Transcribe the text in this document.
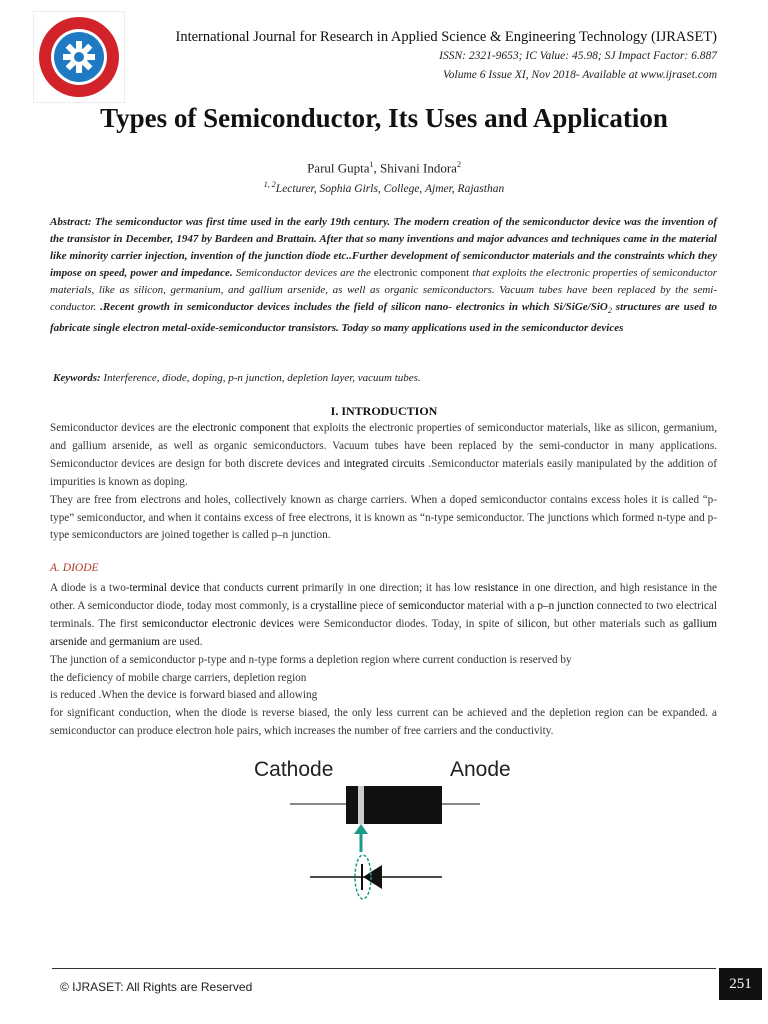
International Journal for Research in Applied Science & Engineering Technology (IJRASET)
ISSN: 2321-9653; IC Value: 45.98; SJ Impact Factor: 6.887
Volume 6 Issue XI, Nov 2018- Available at www.ijraset.com
Types of Semiconductor, Its Uses and Application
Parul Gupta$^1$, Shivani Indora$^2$
$^{1, 2}$Lecturer, Sophia Girls, College, Ajmer, Rajasthan
Abstract: The semiconductor was first time used in the early 19th century. The modern creation of the semiconductor device was the invention of the transistor in December, 1947 by Bardeen and Brattain. After that so many inventions and major advances and techniques came in the material like minority carrier injection, invention of the junction diode etc..Further development of semiconductor materials and the constraints which they impose on speed, power and impedance. Semiconductor devices are the electronic component that exploits the electronic properties of semiconductor materials, like as silicon, germanium, and gallium arsenide, as well as organic semiconductors. Vacuum tubes have been replaced by the semi-conductor. .Recent growth in semiconductor devices includes the field of silicon nano- electronics in which Si/SiGe/SiO$_2$ structures are used to fabricate single electron metal-oxide-semiconductor transistors. Today so many applications used in the semiconductor devices
Keywords: Interference, diode, doping, p-n junction, depletion layer, vacuum tubes.
I. INTRODUCTION

Semiconductor devices are the electronic component that exploits the electronic properties of semiconductor materials, like as silicon, germanium, and gallium arsenide, as well as organic semiconductors. Vacuum tubes have been replaced by the semi-conductor in many applications. Semiconductor devices are design for both discrete devices and integrated circuits .Semiconductor materials easily manipulated by the addition of impurities is known as doping.

They are free from electrons and holes, collectively known as charge carriers. When a doped semiconductor contains excess holes it is called “p-type” semiconductor, and when it contains excess of free electrons, it is known as “n-type semiconductor. The junctions which formed n-type and p-type semiconductors are joined together is called p–n junction.

A. DIODE

A diode is a two-terminal device that conducts current primarily in one direction; it has low resistance in one direction, and high resistance in the other. A semiconductor diode, today most commonly, is a crystalline piece of semiconductor material with a p–n junction connected to two electrical terminals. The first semiconductor electronic devices were Semiconductor diodes. Today, in spite of silicon, but other materials such as gallium arsenide and germanium are used.

The junction of a semiconductor p-type and n-type forms a depletion region where current conduction is reserved by

the deficiency of mobile charge carriers, depletion region

is reduced .When the device is forward biased and allowing

for significant conduction, when the diode is reverse biased, the only less current can be achieved and the depletion region can be expanded. a semiconductor can produce electron hole pairs, which increases the number of free carriers and the conductivity.

Cathode	Anode
© IJRASET: All Rights are Reserved	251
